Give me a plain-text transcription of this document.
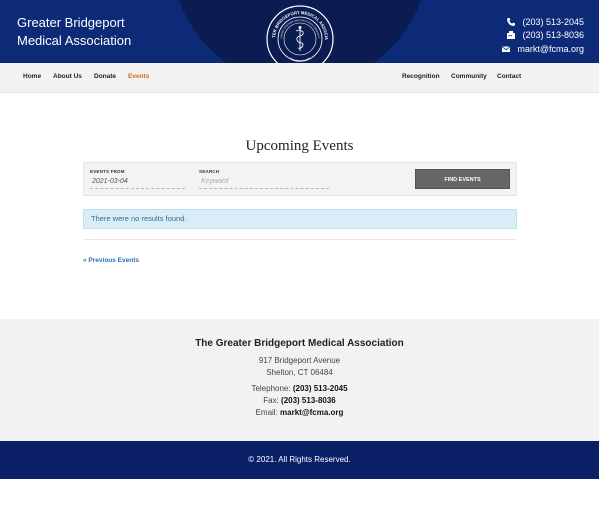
Greater Bridgeport
Medical Association
(203) 513-2045
(203) 513-8036
markt@fcma.org
TER BRIDGEPORT MEDICAL ASSOCIA
CARING TOGETHER FOR A HEALTHIER COMMUNITY
FOUNDED IN 1898
Home About Us Donate Events	Recognition Community Contact
Upcoming Events
EVENTS FROM
2021-03-04
SEARCH
Keyword	FIND EVENTS
There were no results found.
« Previous Events
The Greater Bridgeport Medical Association
917 Bridgeport Avenue
Shelton, CT 06484
Telephone: (203) 513-2045
Fax: (203) 513-8036
Email: markt@fcma.org
© 2021. All Rights Reserved.
